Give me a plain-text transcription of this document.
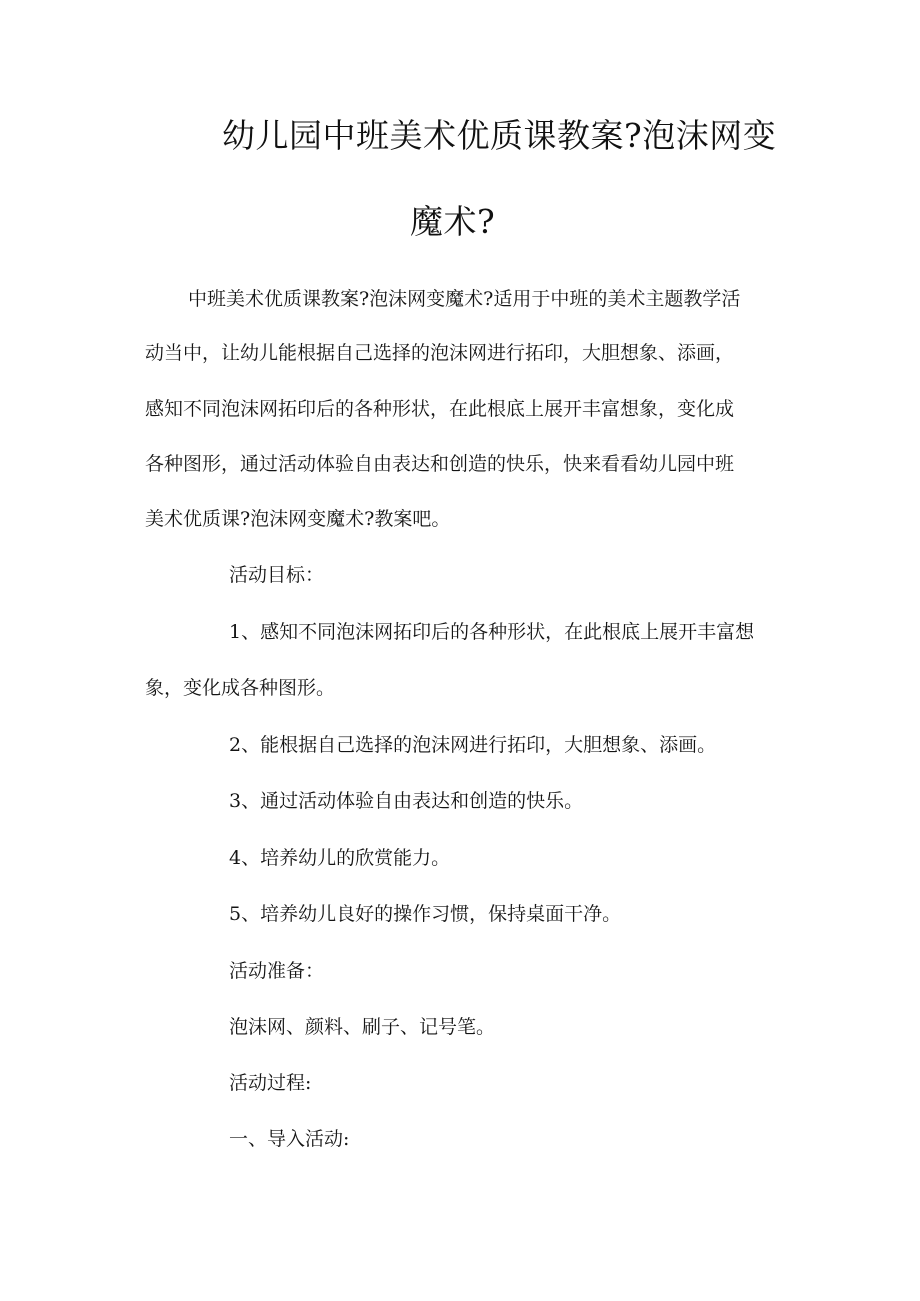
幼儿园中班美术优质课教案?泡沫网变
魔术?
中班美术优质课教案?泡沫网变魔术?适用于中班的美术主题教学活
动当中，让幼儿能根据自己选择的泡沫网进行拓印，大胆想象、添画，
感知不同泡沫网拓印后的各种形状，在此根底上展开丰富想象，变化成
各种图形，通过活动体验自由表达和创造的快乐，快来看看幼儿园中班
美术优质课?泡沫网变魔术?教案吧。
活动目标：
1、感知不同泡沫网拓印后的各种形状，在此根底上展开丰富想
象，变化成各种图形。
2、能根据自己选择的泡沫网进行拓印，大胆想象、添画。
3、通过活动体验自由表达和创造的快乐。
4、培养幼儿的欣赏能力。
5、培养幼儿良好的操作习惯，保持桌面干净。
活动准备：
泡沫网、颜料、刷子、记号笔。
活动过程:
一、导入活动:
